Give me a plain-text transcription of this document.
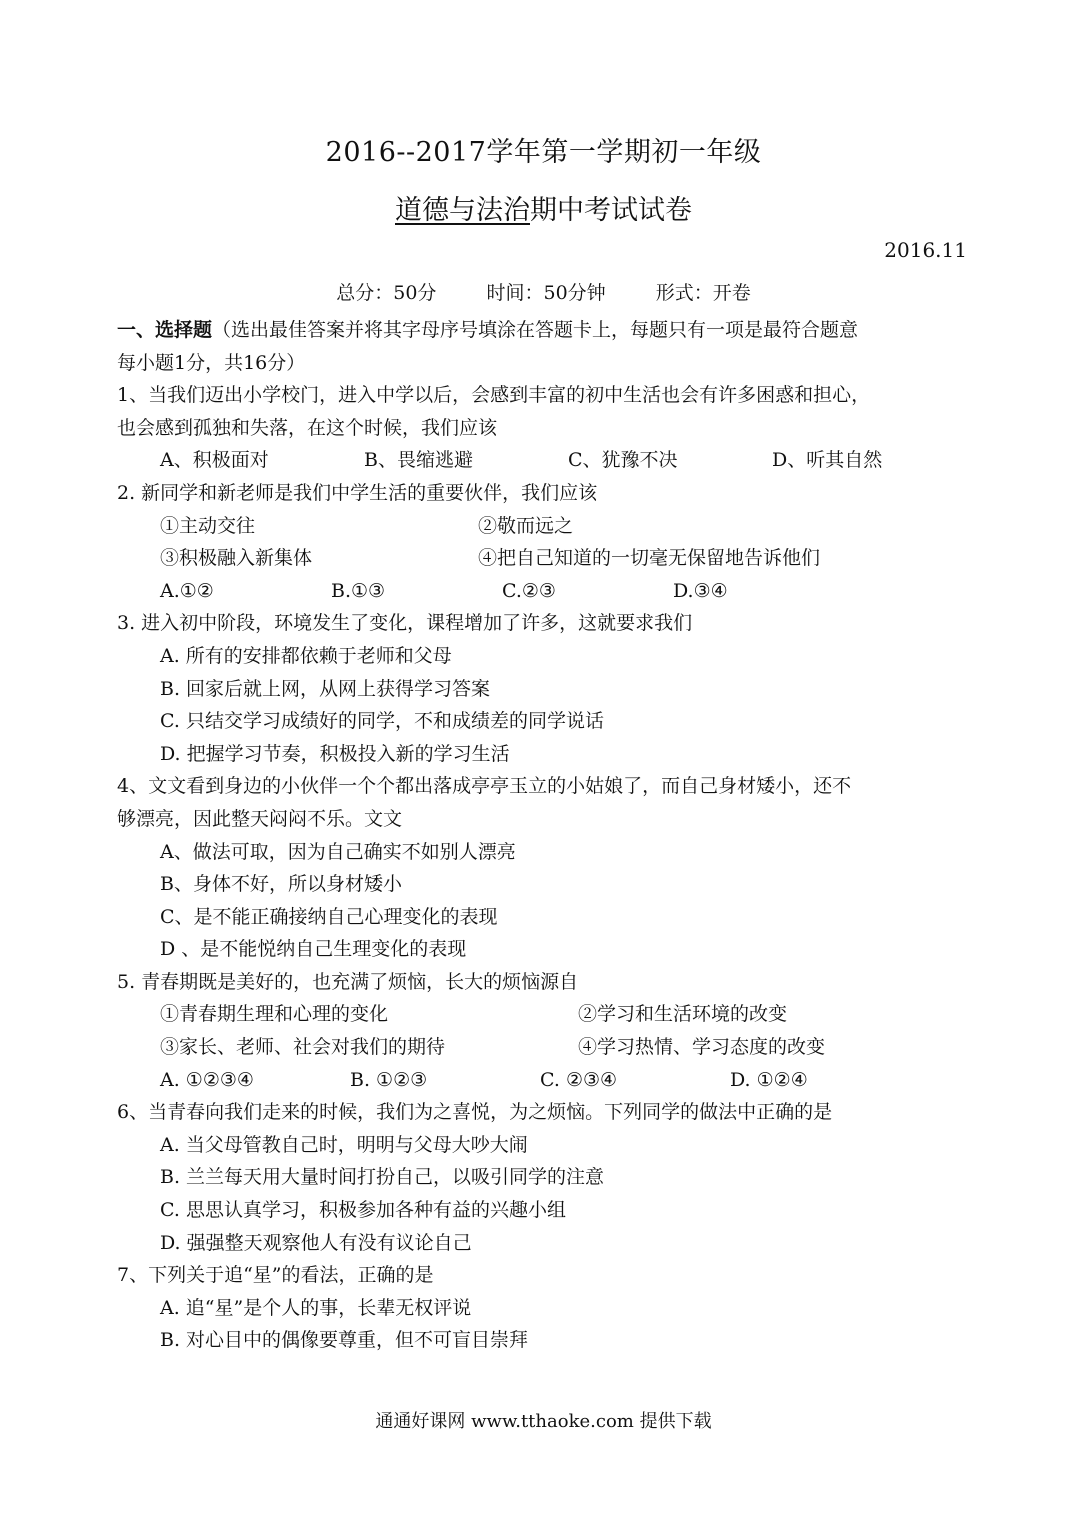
2016--2017学年第一学期初一年级
道德与法治期中考试试卷
2016.11
总分：50分	时间：50分钟	形式：开卷

一、选择题（选出最佳答案并将其字母序号填涂在答题卡上，每题只有一项是最符合题意

每小题1分，共16分）

1、当我们迈出小学校门，进入中学以后，会感到丰富的初中生活也会有许多困惑和担心，

也会感到孤独和失落，在这个时候，我们应该

A、积极面对	B、畏缩逃避	C、犹豫不决	D、听其自然

2. 新同学和新老师是我们中学生活的重要伙伴，我们应该

①主动交往	②敬而远之
③积极融入新集体	④把自己知道的一切毫无保留地告诉他们
A.①②	B.①③	C.②③	D.③④

3. 进入初中阶段，环境发生了变化，课程增加了许多，这就要求我们

A. 所有的安排都依赖于老师和父母

B. 回家后就上网，从网上获得学习答案

C. 只结交学习成绩好的同学，不和成绩差的同学说话

D. 把握学习节奏，积极投入新的学习生活

4、文文看到身边的小伙伴一个个都出落成亭亭玉立的小姑娘了，而自己身材矮小，还不

够漂亮，因此整天闷闷不乐。文文

A、做法可取，因为自己确实不如别人漂亮

B、身体不好，所以身材矮小

C、是不能正确接纳自己心理变化的表现

D 、是不能悦纳自己生理变化的表现

5. 青春期既是美好的，也充满了烦恼，长大的烦恼源自

①青春期生理和心理的变化	②学习和生活环境的改变
③家长、老师、社会对我们的期待	④学习热情、学习态度的改变
A. ①②③④	B. ①②③	C. ②③④	D. ①②④

6、当青春向我们走来的时候，我们为之喜悦，为之烦恼。下列同学的做法中正确的是

A. 当父母管教自己时，明明与父母大吵大闹

B. 兰兰每天用大量时间打扮自己，以吸引同学的注意

C. 思思认真学习，积极参加各种有益的兴趣小组

D. 强强整天观察他人有没有议论自己

7、下列关于追“星”的看法，正确的是

A. 追“星”是个人的事，长辈无权评说

B. 对心目中的偶像要尊重，但不可盲目崇拜

通通好课网 www.tthaoke.com 提供下载
